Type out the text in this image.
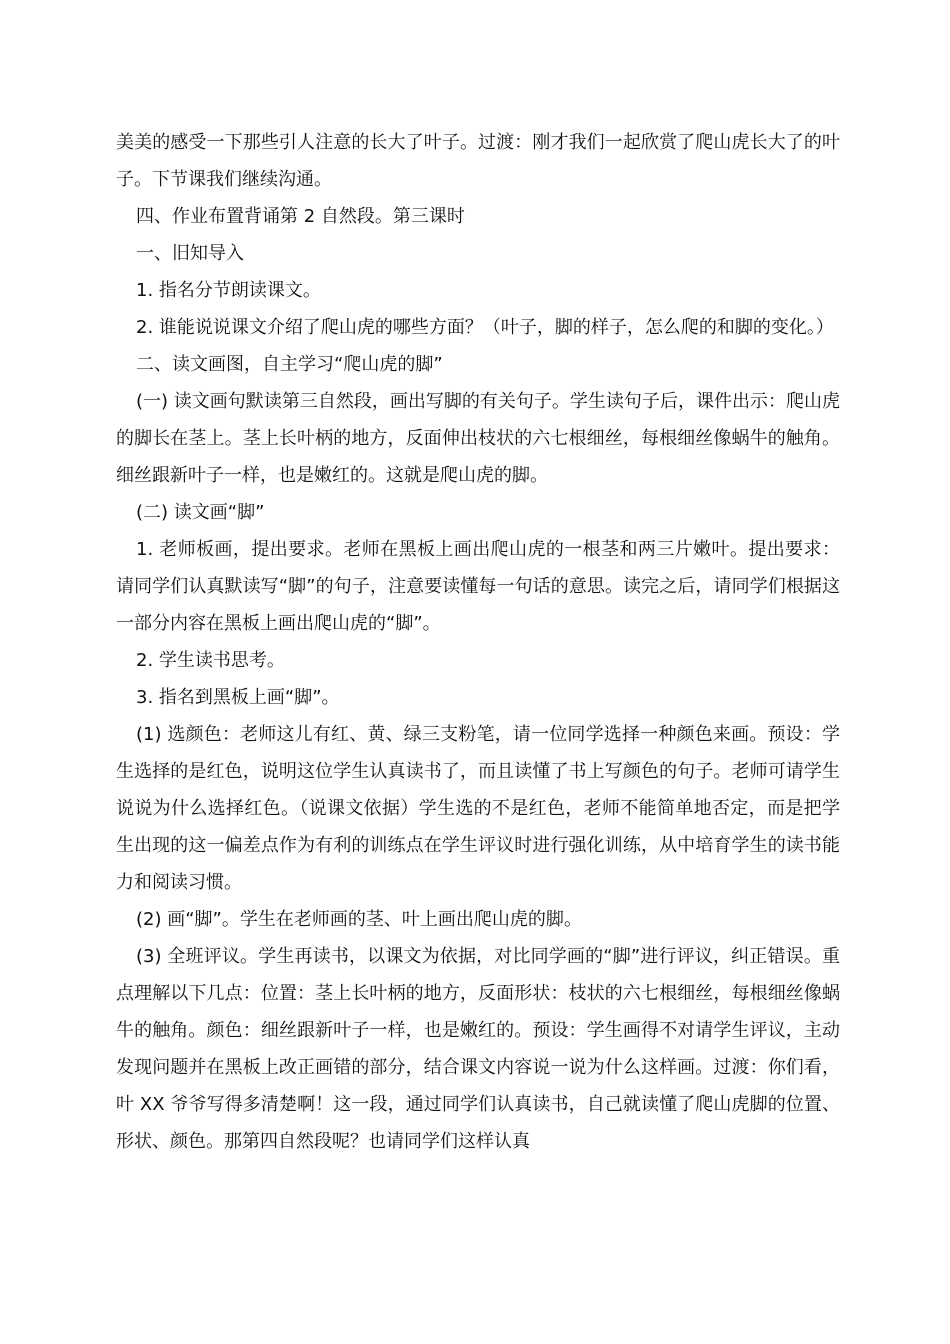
美美的感受一下那些引人注意的长大了叶子。过渡：刚才我们一起欣赏了爬山虎长大了的叶子。下节课我们继续沟通。

四、作业布置背诵第 2 自然段。第三课时

一、旧知导入

1. 指名分节朗读课文。

2. 谁能说说课文介绍了爬山虎的哪些方面？（叶子，脚的样子，怎么爬的和脚的变化。）

二、读文画图，自主学习“爬山虎的脚”

(一) 读文画句默读第三自然段，画出写脚的有关句子。学生读句子后，课件出示：爬山虎的脚长在茎上。茎上长叶柄的地方，反面伸出枝状的六七根细丝，每根细丝像蜗牛的触角。细丝跟新叶子一样，也是嫩红的。这就是爬山虎的脚。

(二) 读文画“脚”

1. 老师板画，提出要求。老师在黑板上画出爬山虎的一根茎和两三片嫩叶。提出要求：请同学们认真默读写“脚”的句子，注意要读懂每一句话的意思。读完之后，请同学们根据这一部分内容在黑板上画出爬山虎的“脚”。

2. 学生读书思考。

3. 指名到黑板上画“脚”。

(1) 选颜色：老师这儿有红、黄、绿三支粉笔，请一位同学选择一种颜色来画。预设：学生选择的是红色，说明这位学生认真读书了，而且读懂了书上写颜色的句子。老师可请学生说说为什么选择红色。（说课文依据）学生选的不是红色，老师不能简单地否定，而是把学生出现的这一偏差点作为有利的训练点在学生评议时进行强化训练，从中培育学生的读书能力和阅读习惯。

(2) 画“脚”。学生在老师画的茎、叶上画出爬山虎的脚。

(3) 全班评议。学生再读书，以课文为依据，对比同学画的“脚”进行评议，纠正错误。重点理解以下几点：位置：茎上长叶柄的地方，反面形状：枝状的六七根细丝，每根细丝像蜗牛的触角。颜色：细丝跟新叶子一样，也是嫩红的。预设：学生画得不对请学生评议，主动发现问题并在黑板上改正画错的部分，结合课文内容说一说为什么这样画。过渡：你们看，叶 XX 爷爷写得多清楚啊！这一段，通过同学们认真读书，自己就读懂了爬山虎脚的位置、形状、颜色。那第四自然段呢？也请同学们这样认真
